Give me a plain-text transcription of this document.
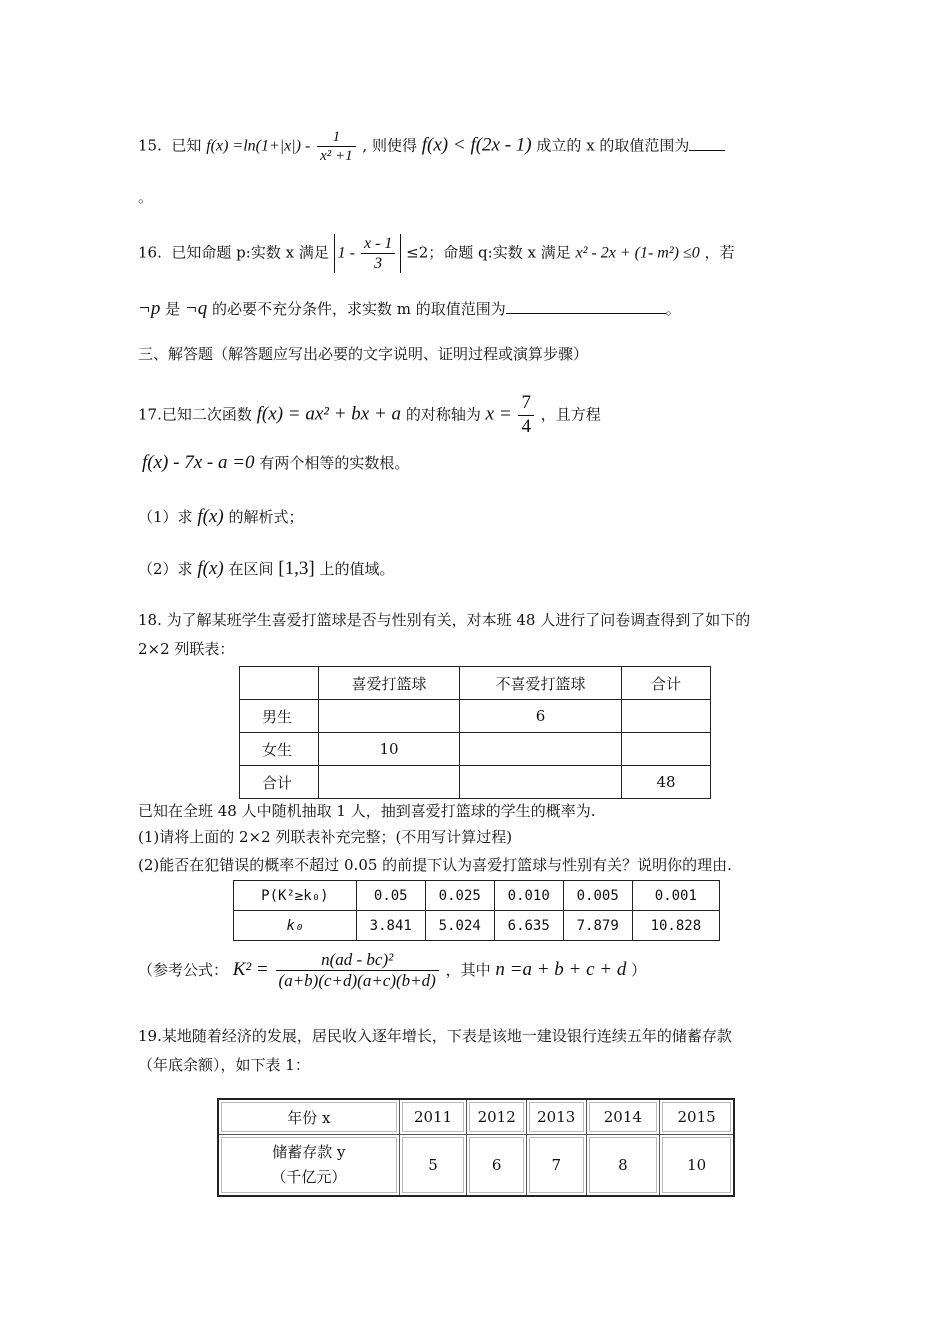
15. 已知 $f(x) =\ln(1+|x|) - \frac{1}{\text{x² +1}}$ , 则使得 f(x) < f(2x - 1) 成立的 x 的取值范围为
。
16. 已知命题 p:实数 x 满足 $1 - \frac{x - 1}{3} \le 2$；命题 q:实数 x 满足 x² - 2x + (1- m²) ≤0 ，若
¬p 是 ¬q 的必要不充分条件，求实数 m 的取值范围为	。
三、解答题（解答题应写出必要的文字说明、证明过程或演算步骤）
17.已知二次函数 f(x) = ax² + bx + a 的对称轴为 $x = \frac{7}{4}$ ，且方程
f(x) - 7x - a =0 有两个相等的实数根。
（1）求 f(x) 的解析式；
（2）求 f(x) 在区间 [1,3] 上的值域。
18. 为了解某班学生喜爱打篮球是否与性别有关，对本班 48 人进行了问卷调查得到了如下的
2×2 列联表：
	喜爱打篮球	不喜爱打篮球	合计
男生		6	
女生	10		
合计			48
已知在全班 48 人中随机抽取 1 人，抽到喜爱打篮球的学生的概率为.
(1)请将上面的 2×2 列联表补充完整；(不用写计算过程)
(2)能否在犯错误的概率不超过 0.05 的前提下认为喜爱打篮球与性别有关？说明你的理由.
P(K²≥k₀)	0.05	0.025	0.010	0.005	0.001
k₀	3.841	5.024	6.635	7.879	10.828
（参考公式： $K^2 = \frac{\text{n(ad - bc)²}}{(a+b)(c+d)(a+c)(b+d)}$ ，其中 n =a + b + c + d ）
19.某地随着经济的发展，居民收入逐年增长，下表是该地一建设银行连续五年的储蓄存款
（年底余额），如下表 1：
年份 x	2011	2012	2013	2014	2015
储蓄存款 y
（千亿元）	5	6	7	8	10
